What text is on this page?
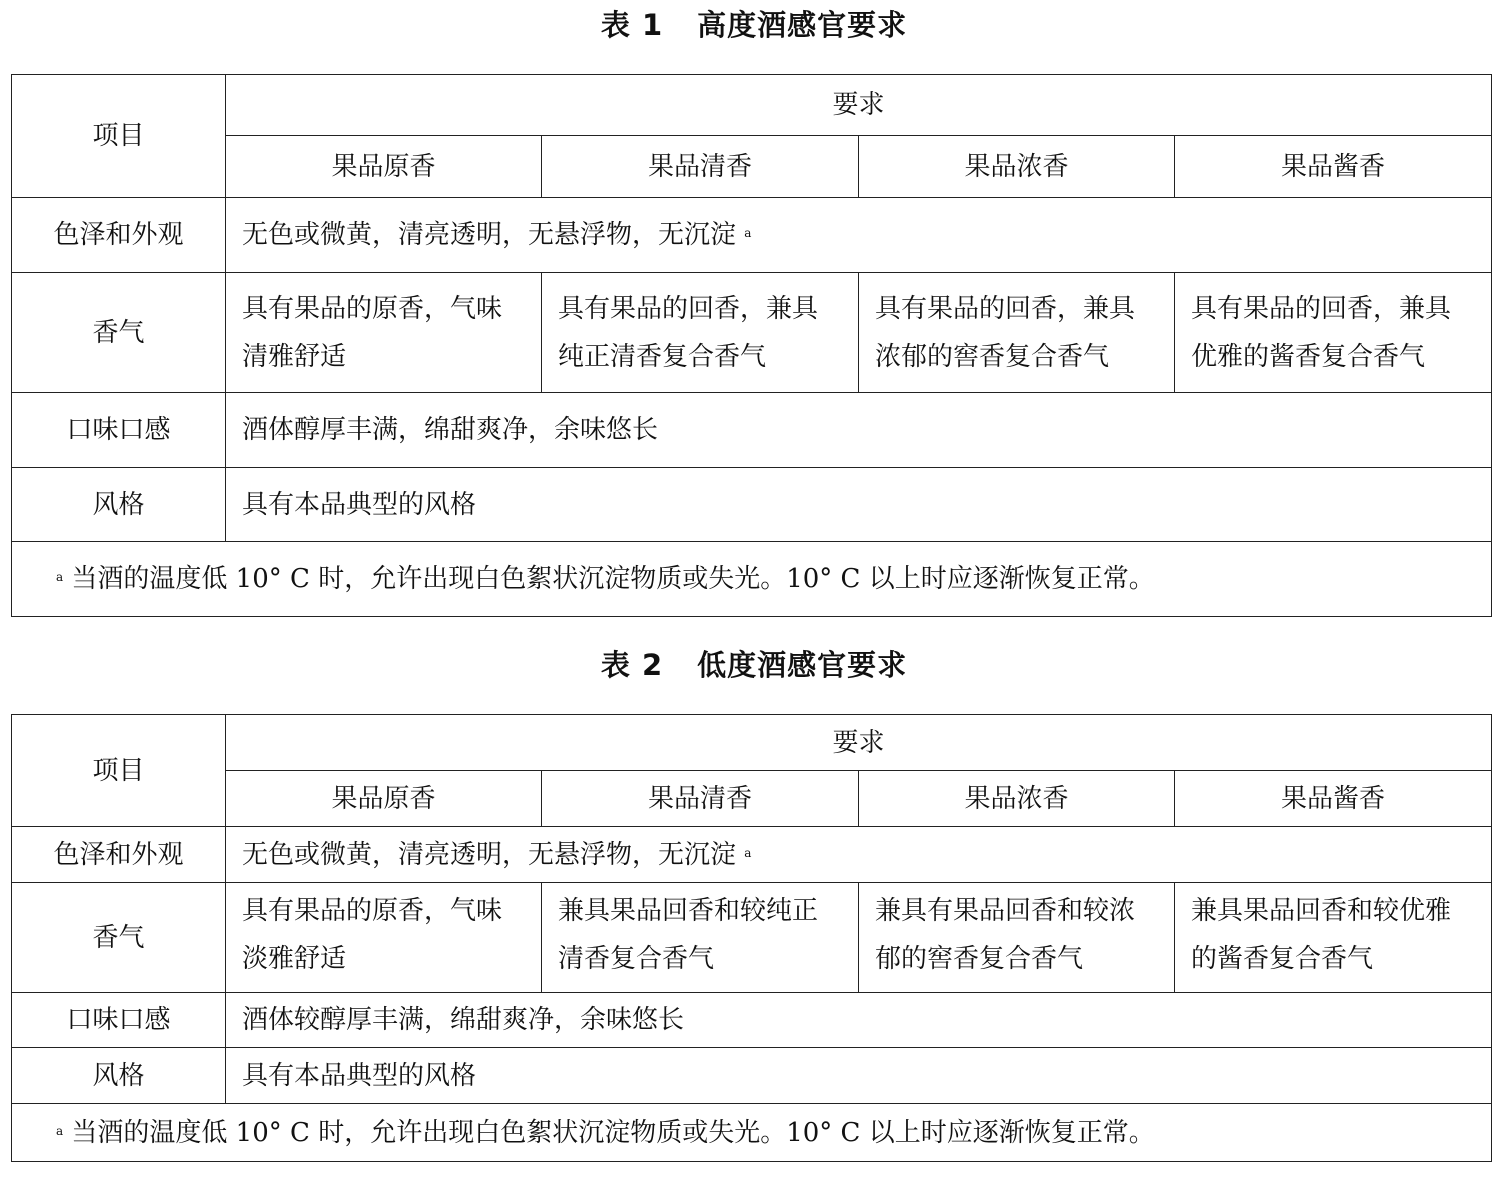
表 1 高度酒感官要求
项目	要求			
	果品原香	果品清香	果品浓香	果品酱香
色泽和外观	无色或微黄，清亮透明，无悬浮物，无沉淀 $^a$
香气	具有果品的原香，气味清雅舒适	具有果品的回香，兼具纯正清香复合香气	具有果品的回香，兼具浓郁的窖香复合香气	具有果品的回香，兼具优雅的酱香复合香气
口味口感	酒体醇厚丰满，绵甜爽净，余味悠长			
风格	具有本品典型的风格			
$^a$ 当酒的温度低 10° C 时，允许出现白色絮状沉淀物质或失光。10° C 以上时应逐渐恢复正常。				
表 2 低度酒感官要求
项目	要求			
	果品原香	果品清香	果品浓香	果品酱香
色泽和外观	无色或微黄，清亮透明，无悬浮物，无沉淀 $^a$
香气	具有果品的原香，气味淡雅舒适	兼具果品回香和较纯正清香复合香气	兼具有果品回香和较浓郁的窖香复合香气	兼具果品回香和较优雅的酱香复合香气
口味口感	酒体较醇厚丰满，绵甜爽净，余味悠长			
风格	具有本品典型的风格			
$^a$ 当酒的温度低 10° C 时，允许出现白色絮状沉淀物质或失光。10° C 以上时应逐渐恢复正常。				
